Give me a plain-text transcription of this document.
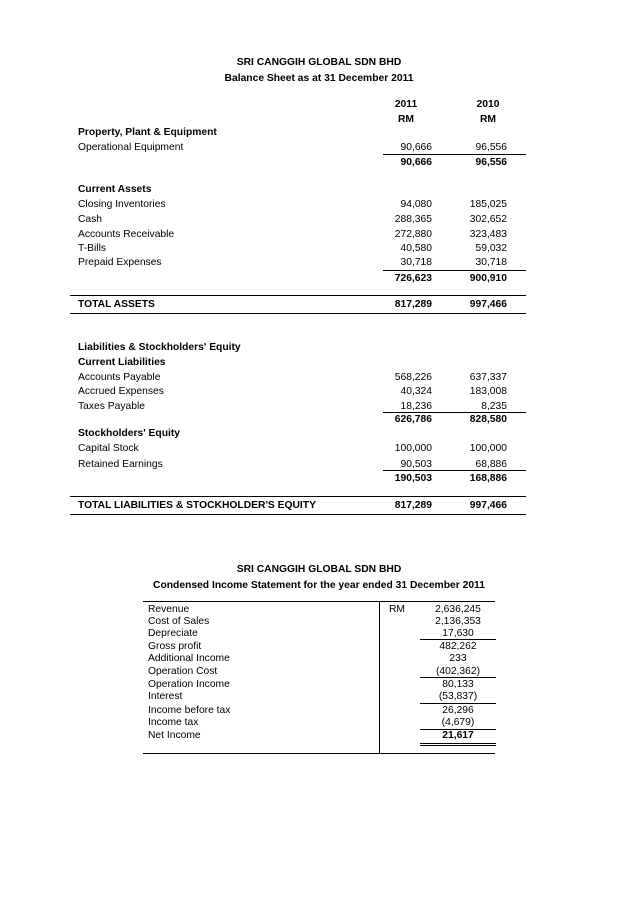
SRI CANGGIH GLOBAL SDN BHD
Balance Sheet as at 31 December 2011
2011
RM
2010
RM
Property, Plant & Equipment
Operational Equipment	90,666	96,556
90,666	96,556
Current Assets
Closing Inventories	94,080	185,025
Cash	288,365	302,652
Accounts Receivable	272,880	323,483
T-Bills	40,580	59,032
Prepaid Expenses	30,718	30,718
726,623	900,910
TOTAL ASSETS	817,289	997,466
Liabilities & Stockholders' Equity
Current Liabilities
Accounts Payable	568,226	637,337
Accrued Expenses	40,324	183,008
Taxes Payable	18,236	8,235
626,786	828,580
Stockholders' Equity
Capital Stock	100,000	100,000
Retained Earnings	90,503	68,886
190,503	168,886
TOTAL LIABILITIES & STOCKHOLDER'S EQUITY	817,289	997,466
SRI CANGGIH GLOBAL SDN BHD
Condensed Income Statement for the year ended 31 December 2011
RM
Revenue	2,636,245
Cost of Sales	2,136,353
Depreciate	17,630
Gross profit	482,262
Additional Income	233
Operation Cost	(402,362)
Operation Income	80,133
Interest	(53,837)
Income before tax	26,296
Income tax	(4,679)
Net Income	21,617
